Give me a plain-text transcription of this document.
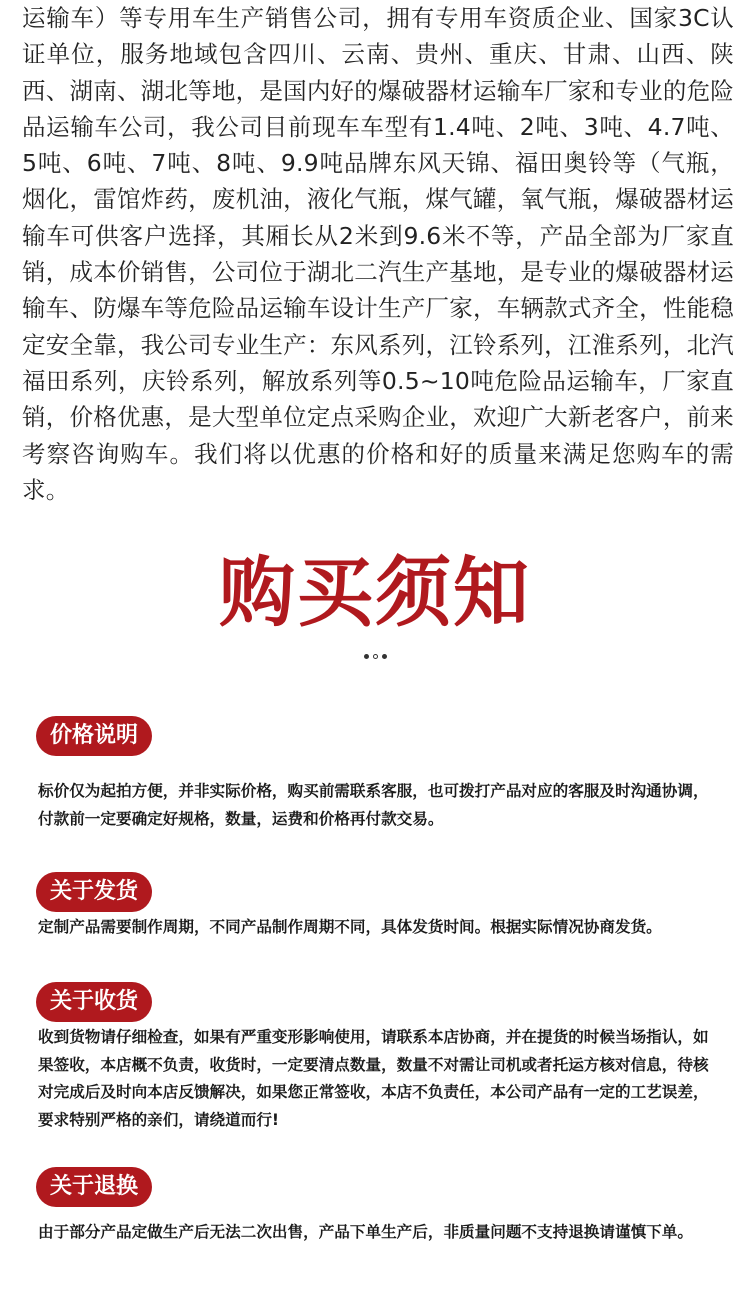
运输车）等专用车生产销售公司，拥有专用车资质企业、国家3C认证单位，服务地域包含四川、云南、贵州、重庆、甘肃、山西、陕西、湖南、湖北等地，是国内好的爆破器材运输车厂家和专业的危险品运输车公司，我公司目前现车车型有1.4吨、2吨、3吨、4.7吨、5吨、6吨、7吨、8吨、9.9吨品牌东风天锦、福田奥铃等（气瓶，烟化，雷馆炸药，废机油，液化气瓶，煤气罐，氧气瓶，爆破器材运输车可供客户选择，其厢长从2米到9.6米不等，产品全部为厂家直销，成本价销售，公司位于湖北二汽生产基地，是专业的爆破器材运输车、防爆车等危险品运输车设计生产厂家，车辆款式齐全，性能稳定安全靠，我公司专业生产：东风系列，江铃系列，江淮系列，北汽福田系列，庆铃系列，解放系列等0.5~10吨危险品运输车，厂家直销，价格优惠，是大型单位定点采购企业，欢迎广大新老客户，前来考察咨询购车。我们将以优惠的价格和好的质量来满足您购车的需求。

购买须知
价格说明

标价仅为起拍方便，并非实际价格，购买前需联系客服，也可拨打产品对应的客服及时沟通协调，付款前一定要确定好规格，数量，运费和价格再付款交易。

关于发货

定制产品需要制作周期，不同产品制作周期不同，具体发货时间。根据实际情况协商发货。

关于收货

收到货物请仔细检查，如果有严重变形影响使用，请联系本店协商，并在提货的时候当场指认，如果签收，本店概不负责，收货时，一定要清点数量，数量不对需让司机或者托运方核对信息，待核对完成后及时向本店反馈解决，如果您正常签收，本店不负责任，本公司产品有一定的工艺误差，要求特别严格的亲们，请绕道而行!

关于退换

由于部分产品定做生产后无法二次出售，产品下单生产后，非质量问题不支持退换请谨慎下单。
